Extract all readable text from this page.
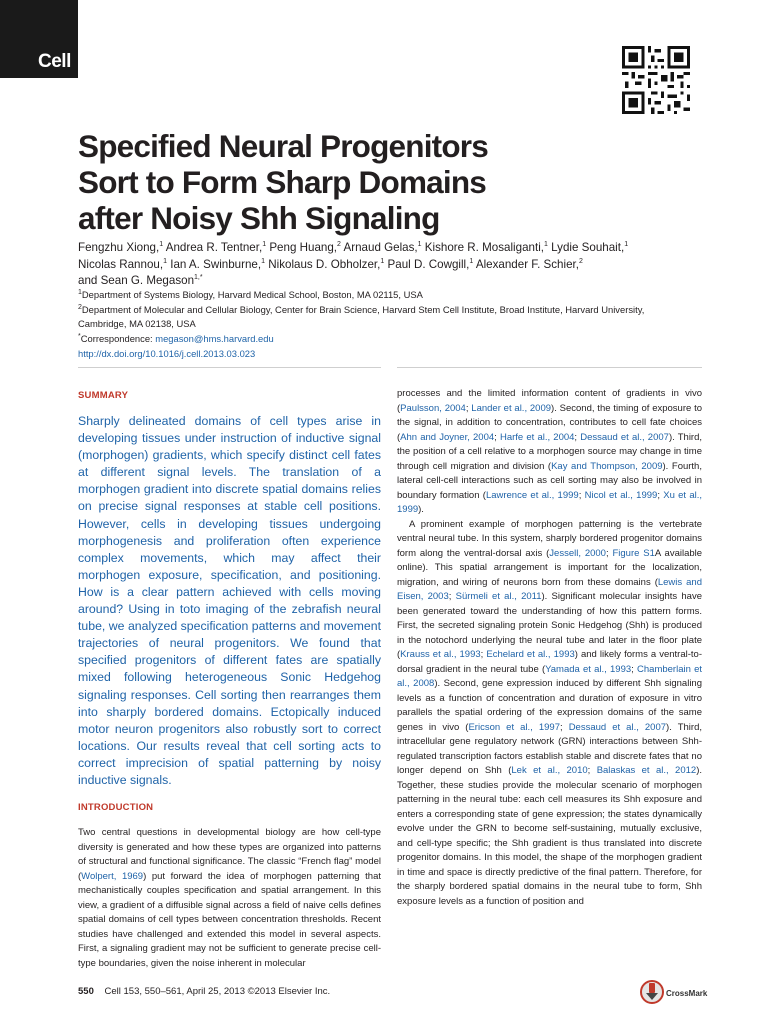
Cell
Specified Neural Progenitors Sort to Form Sharp Domains after Noisy Shh Signaling
Fengzhu Xiong,$^1$ Andrea R. Tentner,$^1$ Peng Huang,$^2$ Arnaud Gelas,$^1$ Kishore R. Mosaliganti,$^1$ Lydie Souhait,$^1$
Nicolas Rannou,$^1$ Ian A. Swinburne,$^1$ Nikolaus D. Obholzer,$^1$ Paul D. Cowgill,$^1$ Alexander F. Schier,$^2$
and Sean G. Megason$^{1,*}$
$^1$Department of Systems Biology, Harvard Medical School, Boston, MA 02115, USA
$^2$Department of Molecular and Cellular Biology, Center for Brain Science, Harvard Stem Cell Institute, Broad Institute, Harvard University,
Cambridge, MA 02138, USA
*Correspondence: megason@hms.harvard.edu
http://dx.doi.org/10.1016/j.cell.2013.03.023
SUMMARY

Sharply delineated domains of cell types arise in developing tissues under instruction of inductive signal (morphogen) gradients, which specify distinct cell fates at different signal levels. The translation of a morphogen gradient into discrete spatial domains relies on precise signal responses at stable cell positions. However, cells in developing tissues undergoing morphogenesis and proliferation often experience complex movements, which may affect their morphogen exposure, specification, and positioning. How is a clear pattern achieved with cells moving around? Using in toto imaging of the zebrafish neural tube, we analyzed specification patterns and movement trajectories of neural progenitors. We found that specified progenitors of different fates are spatially mixed following heterogeneous Sonic Hedgehog signaling responses. Cell sorting then rearranges them into sharply bordered domains. Ectopically induced motor neuron progenitors also robustly sort to correct locations. Our results reveal that cell sorting acts to correct imprecision of spatial patterning by noisy inductive signals.

INTRODUCTION

Two central questions in developmental biology are how cell-type diversity is generated and how these types are organized into patterns of structural and functional significance. The classic “French flag” model (Wolpert, 1969) put forward the idea of morphogen patterning that mechanistically couples specification and spatial arrangement. In this view, a gradient of a diffusible signal across a field of naive cells defines spatial domains of cell types between concentration thresholds. Recent studies have challenged and extended this model in several aspects. First, a signaling gradient may not be sufficient to generate precise cell-type boundaries, given the noise inherent in molecular

processes and the limited information content of gradients in vivo (Paulsson, 2004; Lander et al., 2009). Second, the timing of exposure to the signal, in addition to concentration, contributes to cell fate choices (Ahn and Joyner, 2004; Harfe et al., 2004; Dessaud et al., 2007). Third, the position of a cell relative to a morphogen source may change in time through cell migration and division (Kay and Thompson, 2009). Fourth, lateral cell-cell interactions such as cell sorting may also be involved in boundary formation (Lawrence et al., 1999; Nicol et al., 1999; Xu et al., 1999).

A prominent example of morphogen patterning is the vertebrate ventral neural tube. In this system, sharply bordered progenitor domains form along the ventral-dorsal axis (Jessell, 2000; Figure S1A available online). This spatial arrangement is important for the localization, migration, and wiring of neurons born from these domains (Lewis and Eisen, 2003; Sürmeli et al., 2011). Significant molecular insights have been generated toward the understanding of how this pattern forms. First, the secreted signaling protein Sonic Hedgehog (Shh) is produced in the notochord underlying the neural tube and later in the floor plate (Krauss et al., 1993; Echelard et al., 1993) and likely forms a ventral-to-dorsal gradient in the neural tube (Yamada et al., 1993; Chamberlain et al., 2008). Second, gene expression induced by different Shh signaling levels as a function of concentration and duration of exposure in vitro parallels the spatial ordering of the expression domains of the same genes in vivo (Ericson et al., 1997; Dessaud et al., 2007). Third, intracellular gene regulatory network (GRN) interactions between Shh-regulated transcription factors establish stable and discrete fates that no longer depend on Shh (Lek et al., 2010; Balaskas et al., 2012). Together, these studies provide the molecular scenario of morphogen patterning in the neural tube: each cell measures its Shh exposure and enters a corresponding state of gene expression; the states dynamically evolve under the GRN to become self-sustaining, mutually exclusive, and cell-type specific; the Shh gradient is thus translated into discrete progenitor domains. In this model, the shape of the morphogen gradient in time and space is directly predictive of the final pattern. Therefore, for the sharply bordered spatial domains in the neural tube to form, Shh exposure levels as a function of position and

550 Cell 153, 550–561, April 25, 2013 ©2013 Elsevier Inc.	CrossMark
